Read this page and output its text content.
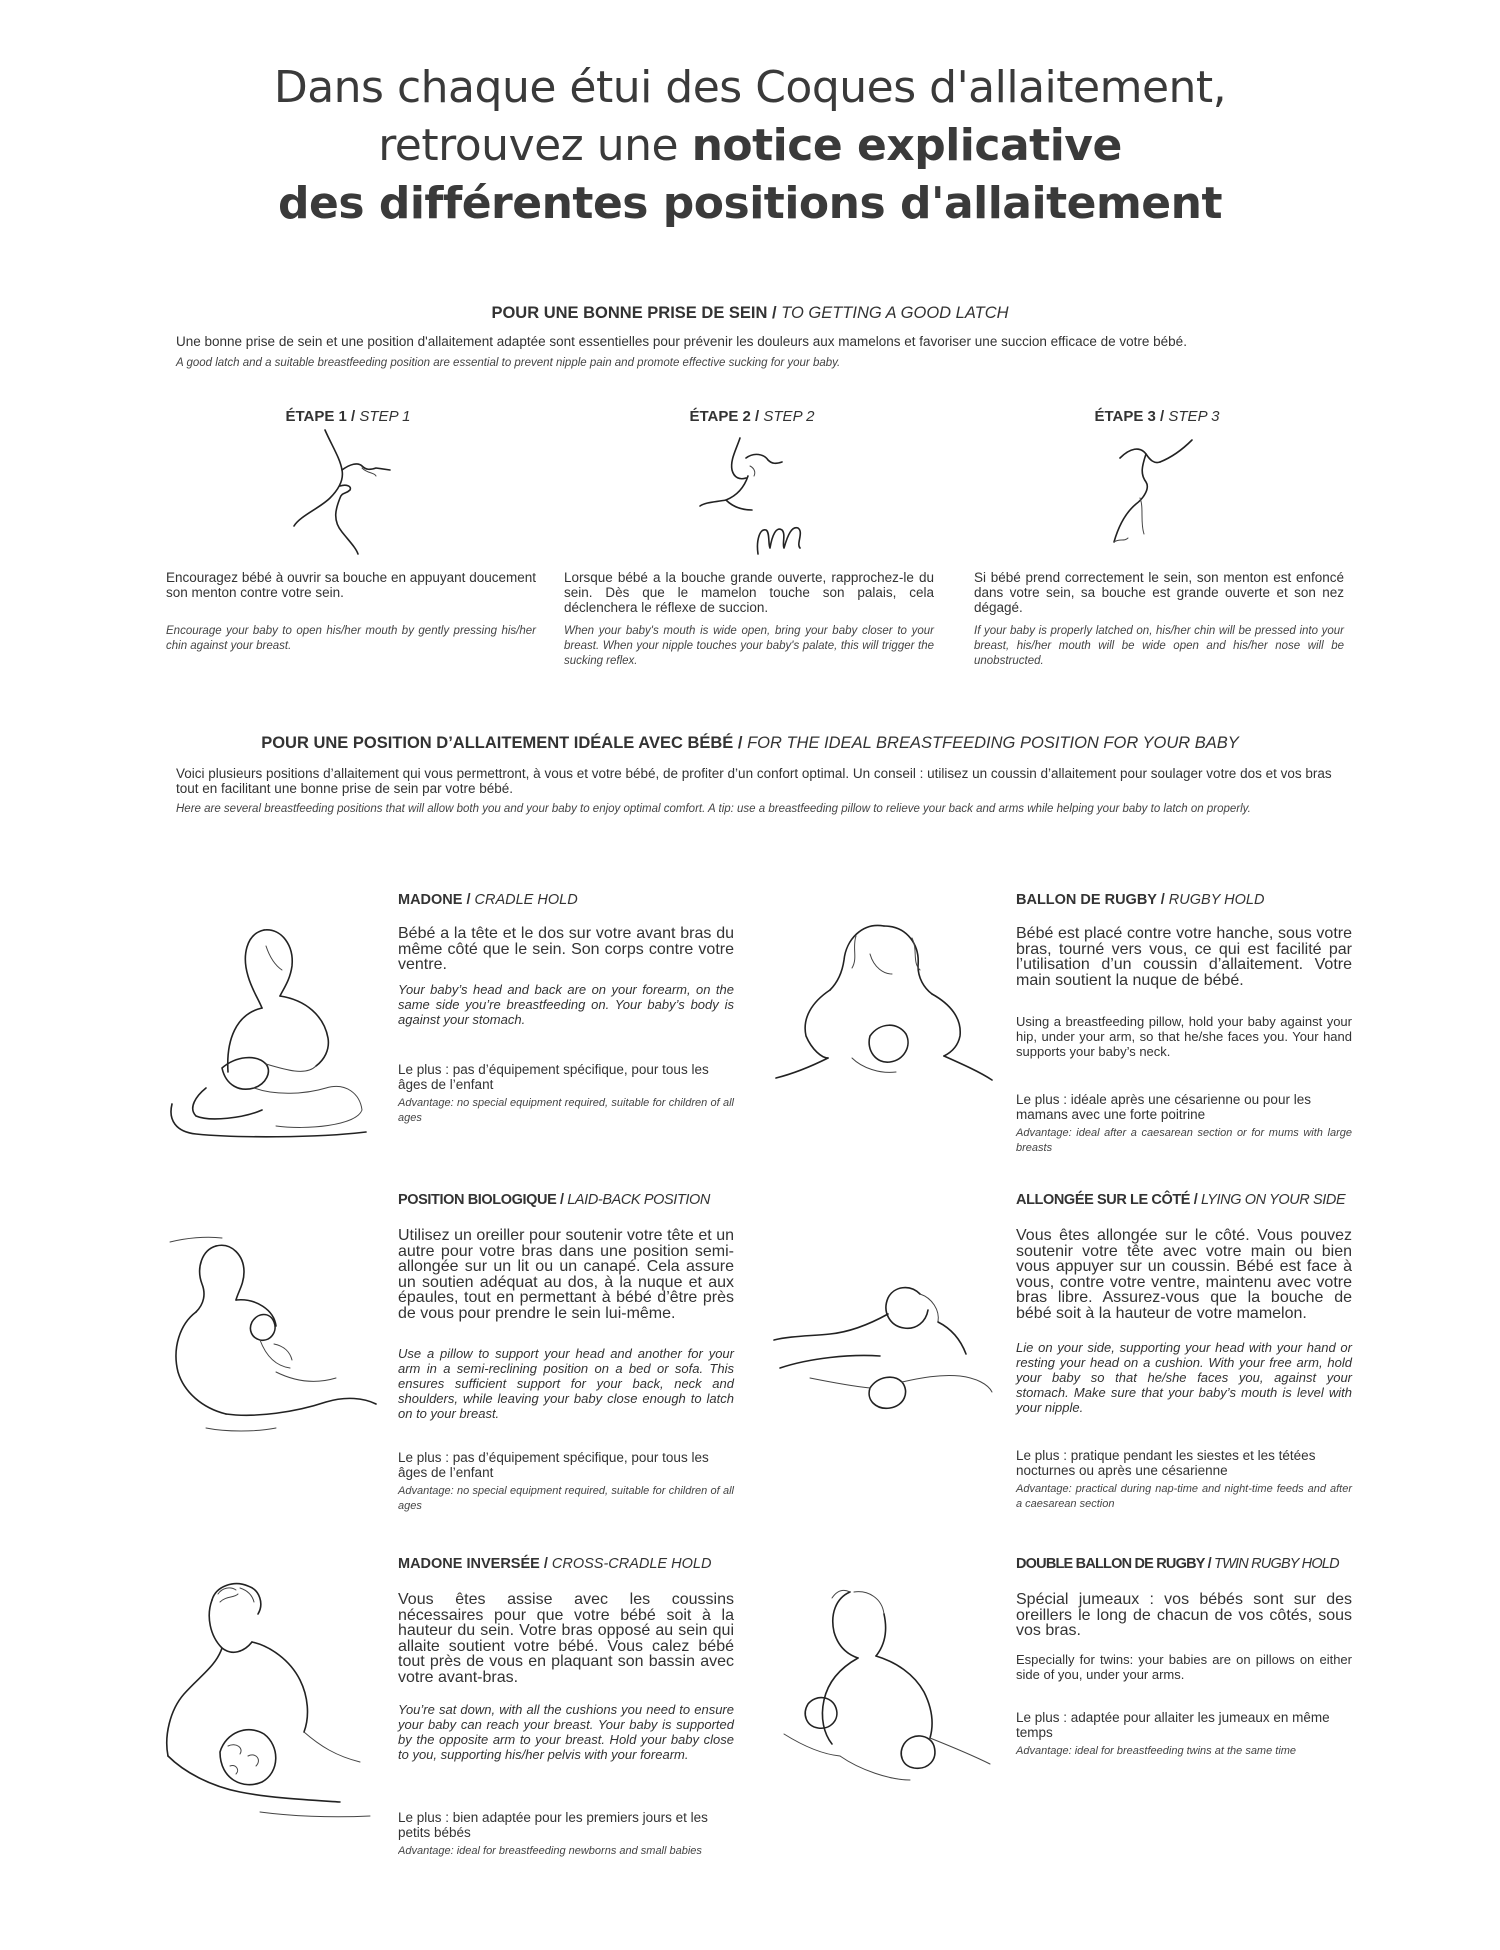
Dans chaque étui des Coques d'allaitement,
retrouvez une notice explicative
des différentes positions d'allaitement
POUR UNE BONNE PRISE DE SEIN / TO GETTING A GOOD LATCH
Une bonne prise de sein et une position d'allaitement adaptée sont essentielles pour prévenir les douleurs aux mamelons et favoriser une succion efficace de votre bébé.
A good latch and a suitable breastfeeding position are essential to prevent nipple pain and promote effective sucking for your baby.
ÉTAPE 1 / STEP 1
Encouragez bébé à ouvrir sa bouche en appuyant doucement son menton contre votre sein.
Encourage your baby to open his/her mouth by gently pressing his/her chin against your breast.
ÉTAPE 2 / STEP 2
Lorsque bébé a la bouche grande ouverte, rapprochez-le du sein. Dès que le mamelon touche son palais, cela déclenchera le réflexe de succion.
When your baby's mouth is wide open, bring your baby closer to your breast. When your nipple touches your baby's palate, this will trigger the sucking reflex.
ÉTAPE 3 / STEP 3
Si bébé prend correctement le sein, son menton est enfoncé dans votre sein, sa bouche est grande ouverte et son nez dégagé.
If your baby is properly latched on, his/her chin will be pressed into your breast, his/her mouth will be wide open and his/her nose will be unobstructed.
POUR UNE POSITION D’ALLAITEMENT IDÉALE AVEC BÉBÉ / FOR THE IDEAL BREASTFEEDING POSITION FOR YOUR BABY
Voici plusieurs positions d’allaitement qui vous permettront, à vous et votre bébé, de profiter d’un confort optimal. Un conseil : utilisez un coussin d’allaitement pour soulager votre dos et vos bras tout en facilitant une bonne prise de sein par votre bébé.
Here are several breastfeeding positions that will allow both you and your baby to enjoy optimal comfort. A tip: use a breastfeeding pillow to relieve your back and arms while helping your baby to latch on properly.
MADONE / CRADLE HOLD
Bébé a la tête et le dos sur votre avant bras du même côté que le sein. Son corps contre votre ventre.
Your baby’s head and back are on your forearm, on the same side you’re breastfeeding on. Your baby’s body is against your stomach.
Le plus : pas d’équipement spécifique, pour tous les âges de l’enfant
Advantage: no special equipment required, suitable for children of all ages
BALLON DE RUGBY / RUGBY HOLD
Bébé est placé contre votre hanche, sous votre bras, tourné vers vous, ce qui est facilité par l’utilisation d’un coussin d’allaitement. Votre main soutient la nuque de bébé.
Using a breastfeeding pillow, hold your baby against your hip, under your arm, so that he/she faces you. Your hand supports your baby’s neck.
Le plus : idéale après une césarienne ou pour les mamans avec une forte poitrine
Advantage: ideal after a caesarean section or for mums with large breasts
POSITION BIOLOGIQUE / LAID-BACK POSITION
Utilisez un oreiller pour soutenir votre tête et un autre pour votre bras dans une position semi-allongée sur un lit ou un canapé. Cela assure un soutien adéquat au dos, à la nuque et aux épaules, tout en permettant à bébé d’être près de vous pour prendre le sein lui-même.
Use a pillow to support your head and another for your arm in a semi-reclining position on a bed or sofa. This ensures sufficient support for your back, neck and shoulders, while leaving your baby close enough to latch on to your breast.
Le plus : pas d’équipement spécifique, pour tous les âges de l’enfant
Advantage: no special equipment required, suitable for children of all ages
ALLONGÉE SUR LE CÔTÉ / LYING ON YOUR SIDE
Vous êtes allongée sur le côté. Vous pouvez soutenir votre tête avec votre main ou bien vous appuyer sur un coussin. Bébé est face à vous, contre votre ventre, maintenu avec votre bras libre. Assurez-vous que la bouche de bébé soit à la hauteur de votre mamelon.
Lie on your side, supporting your head with your hand or resting your head on a cushion. With your free arm, hold your baby so that he/she faces you, against your stomach. Make sure that your baby’s mouth is level with your nipple.
Le plus : pratique pendant les siestes et les tétées nocturnes ou après une césarienne
Advantage: practical during nap-time and night-time feeds and after a caesarean section
MADONE INVERSÉE / CROSS-CRADLE HOLD
Vous êtes assise avec les coussins nécessaires pour que votre bébé soit à la hauteur du sein. Votre bras opposé au sein qui allaite soutient votre bébé. Vous calez bébé tout près de vous en plaquant son bassin avec votre avant-bras.
You’re sat down, with all the cushions you need to ensure your baby can reach your breast. Your baby is supported by the opposite arm to your breast. Hold your baby close to you, supporting his/her pelvis with your forearm.
Le plus : bien adaptée pour les premiers jours et les petits bébés
Advantage: ideal for breastfeeding newborns and small babies
DOUBLE BALLON DE RUGBY / TWIN RUGBY HOLD
Spécial jumeaux : vos bébés sont sur des oreillers le long de chacun de vos côtés, sous vos bras.
Especially for twins: your babies are on pillows on either side of you, under your arms.
Le plus : adaptée pour allaiter les jumeaux en même temps
Advantage: ideal for breastfeeding twins at the same time
